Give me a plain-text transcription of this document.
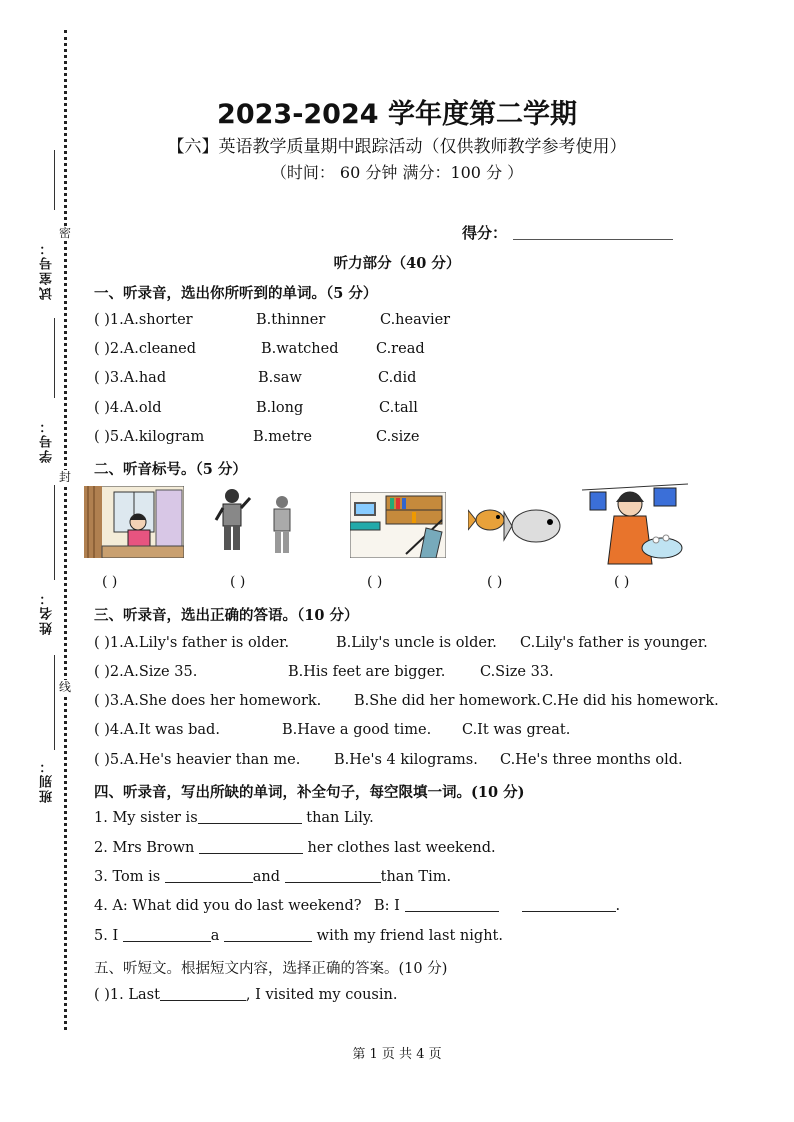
试室号：
学号：
姓名：
班别：
密
封
线
2023-2024 学年度第二学期
【六】英语教学质量期中跟踪活动（仅供教师教学参考使用）
（时间： 60 分钟 满分：100 分 ）
得分：
听力部分（40 分）
一、听录音，选出你所听到的单词。（5 分）
( )1.A.shorter	B.thinner	C.heavier
( )2.A.cleaned	B.watched	C.read
( )3.A.had	B.saw	C.did
( )4.A.old	B.long	C.tall
( )5.A.kilogram	B.metre	C.size
二、听音标号。（5 分）
( )	( )	( )	( )	( )
三、听录音，选出正确的答语。（10 分）
( )1.A.Lily's father is older.	B.Lily's uncle is older. C.Lily's father is younger.
( )2.A.Size 35.	B.His feet are bigger. C.Size 33.
( )3.A.She does her homework. B.She did her homework. C.He did his homework.
( )4.A.It was bad.	B.Have a good time. C.It was great.
( )5.A.He's heavier than me. B.He's 4 kilograms. C.He's three months old.
四、听录音，写出所缺的单词，补全句子，每空限填一词。(10 分)
1. My sister is	than Lily.
2. Mrs Brown	her clothes last weekend.
3. Tom is	and	than Tim.
4. A: What did you do last weekend? B: I	.
5. I	a	with my friend last night.
五、听短文。根据短文内容，选择正确的答案。(10 分)
( )1. Last	, I visited my cousin.
第 1 页 共 4 页
